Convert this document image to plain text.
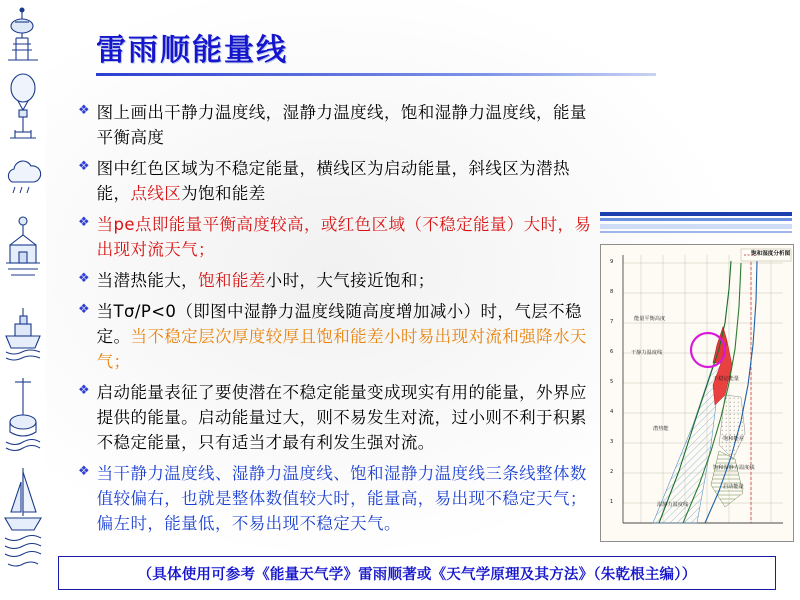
雷雨顺能量线
❖ 图上画出干静力温度线，湿静力温度线，饱和湿静力温度线，能量平衡高度
❖ 图中红色区域为不稳定能量，横线区为启动能量，斜线区为潜热能，点线区为饱和能差
❖ 当pe点即能量平衡高度较高，或红色区域（不稳定能量）大时，易出现对流天气；
❖ 当潜热能大，饱和能差小时，大气接近饱和；
❖ 当Tσ/P<0（即图中湿静力温度线随高度增加减小）时，气层不稳定。当不稳定层次厚度较厚且饱和能差小时易出现对流和强降水天气；
❖ 启动能量表征了要使潜在不稳定能量变成现实有用的能量，外界应提供的能量。启动能量过大，则不易发生对流，过小则不利于积累不稳定能量，只有适当才最有利发生强对流。
❖ 当干静力温度线、湿静力温度线、饱和湿静力温度线三条线整体数值较偏右，也就是整体数值较大时，能量高，易出现不稳定天气；偏左时，能量低，不易出现不稳定天气。
饱和湿度分析图
能量平衡高度
干静力温度线
不稳定能量
潜热能
饱和能差
饱和湿静力温度线
启动能量
湿静力温度线
9
8
7
6
5
4
3
2
1
（具体使用可参考《能量天气学》雷雨顺著或《天气学原理及其方法》（朱乾根主编））
